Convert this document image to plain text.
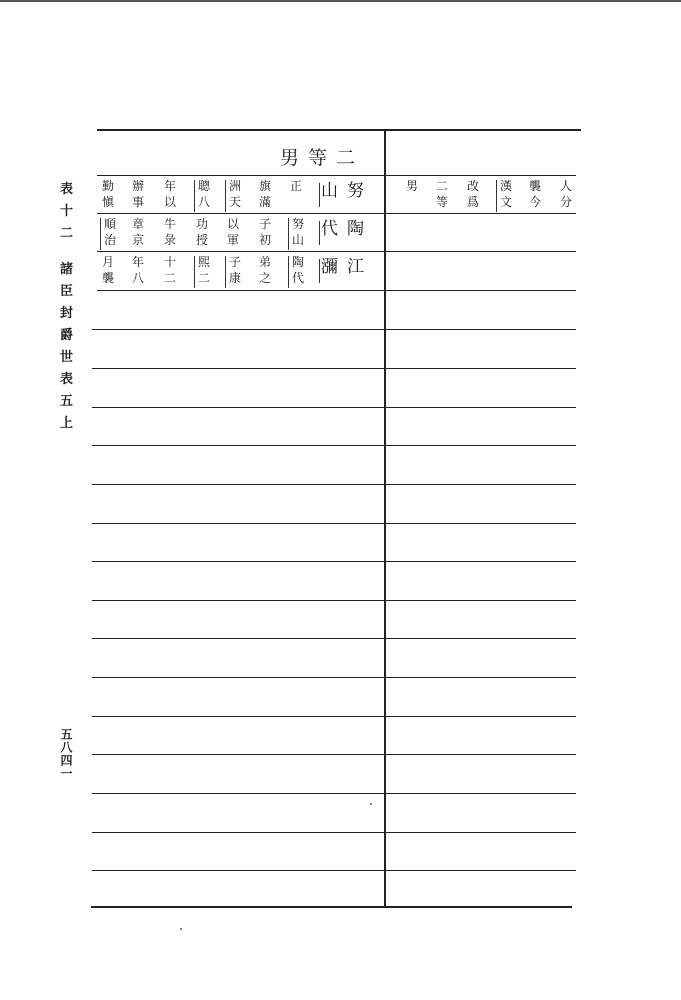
表
十
二
諸
臣
封
爵
世
表
五
上
五八四一
二
等
男
努
山
正
旗
滿
洲
天
聰
八
年
以
辦
事
勤
愼
陶
代
努
山
子
初
以
軍
功
授
牛
彔
章
京
順
治
江
瀰
陶
代
弟
之
子
康
熙
二
十
二
年
八
月
襲
人
分
襲
今
漢
文
改
爲
二
等
男
